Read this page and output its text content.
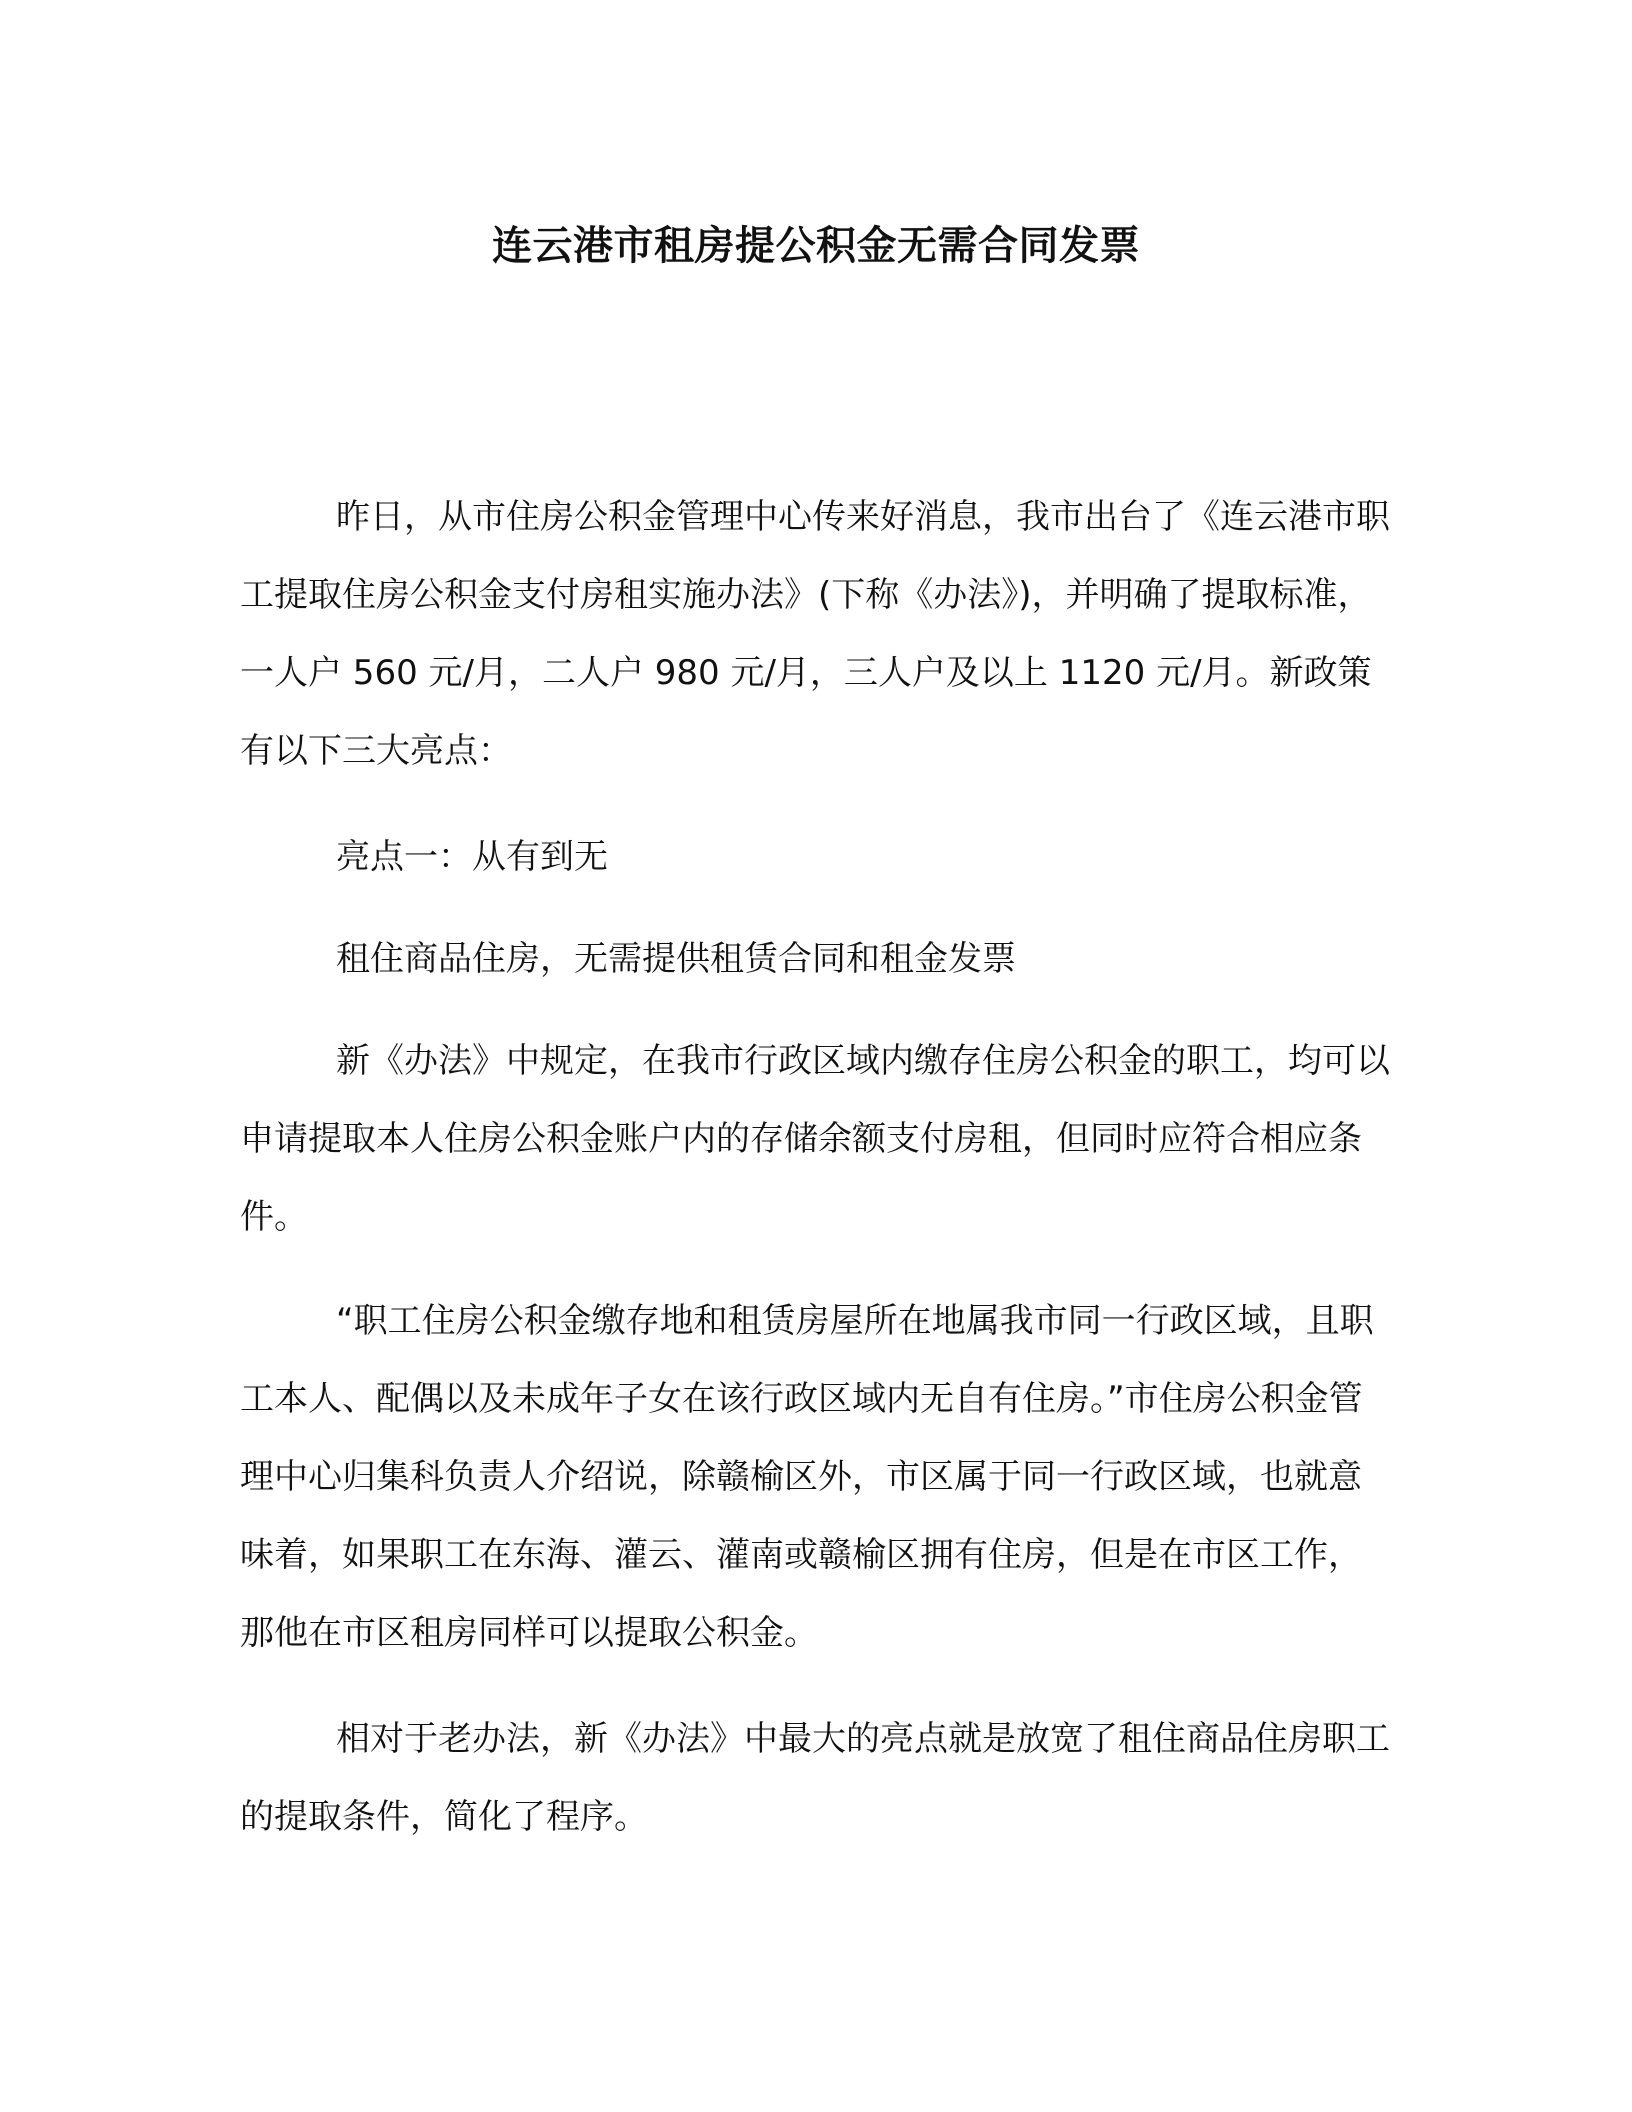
连云港市租房提公积金无需合同发票

昨日，从市住房公积金管理中心传来好消息，我市出台了《连云港市职工提取住房公积金支付房租实施办法》(下称《办法》)，并明确了提取标准，一人户 560 元/月，二人户 980 元/月，三人户及以上 1120 元/月。新政策有以下三大亮点：

亮点一：从有到无

租住商品住房，无需提供租赁合同和租金发票

新《办法》中规定，在我市行政区域内缴存住房公积金的职工，均可以申请提取本人住房公积金账户内的存储余额支付房租，但同时应符合相应条件。

“职工住房公积金缴存地和租赁房屋所在地属我市同一行政区域，且职工本人、配偶以及未成年子女在该行政区域内无自有住房。”市住房公积金管理中心归集科负责人介绍说，除赣榆区外，市区属于同一行政区域，也就意味着，如果职工在东海、灌云、灌南或赣榆区拥有住房，但是在市区工作，那他在市区租房同样可以提取公积金。

相对于老办法，新《办法》中最大的亮点就是放宽了租住商品住房职工的提取条件，简化了程序。
